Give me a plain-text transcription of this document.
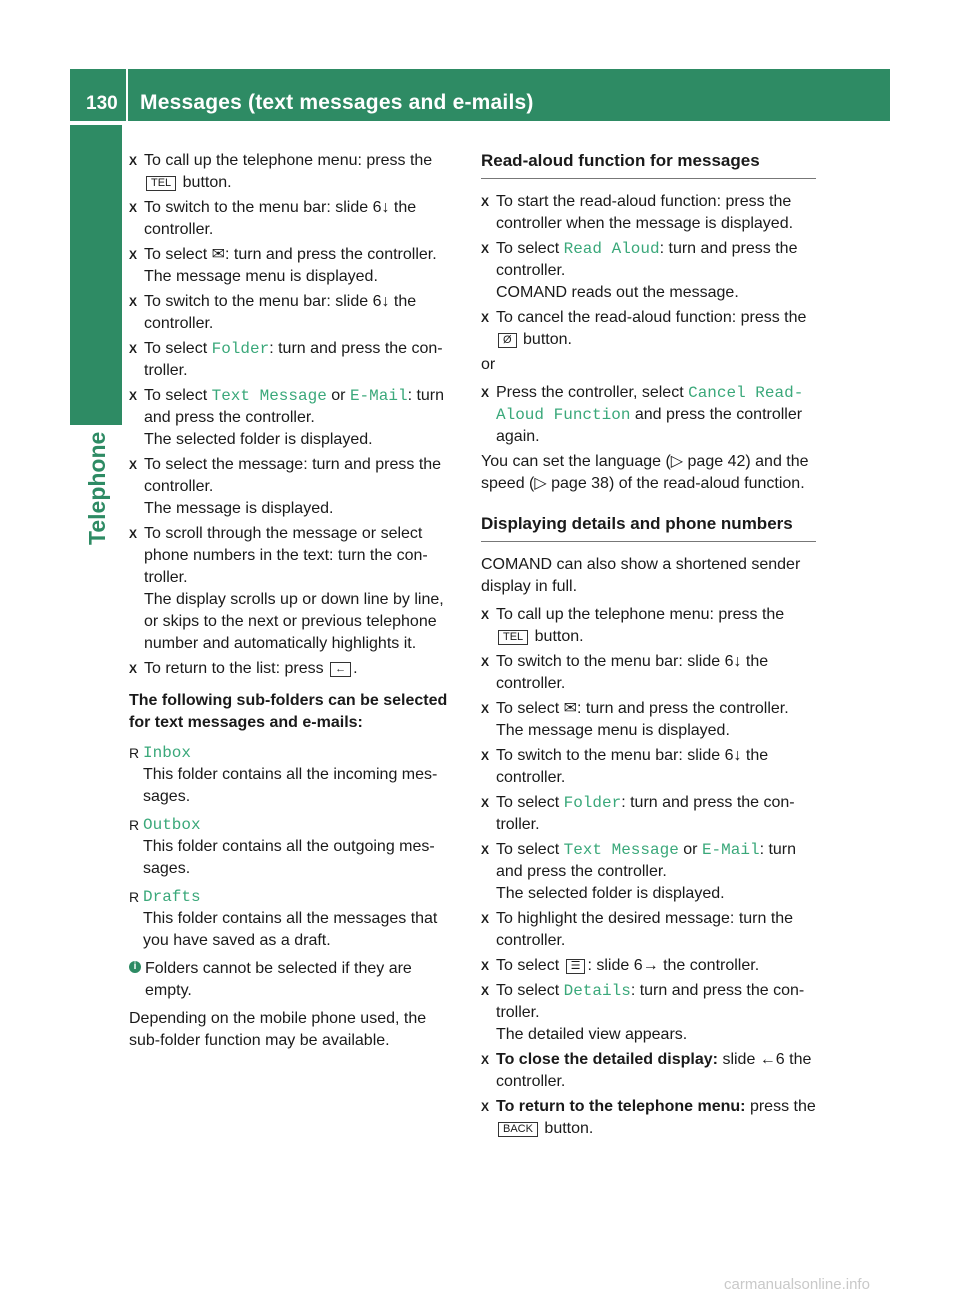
130 Messages (text messages and e-mails)
Telephone
X To call up the telephone menu: press the TEL button.
X To switch to the menu bar: slide 6↓ the controller.
X To select ✉: turn and press the controller.
The message menu is displayed.
X To switch to the menu bar: slide 6↓ the controller.
X To select Folder: turn and press the con-troller.
X To select Text Message or E-Mail: turn and press the controller.
The selected folder is displayed.
X To select the message: turn and press the controller.
The message is displayed.
X To scroll through the message or select phone numbers in the text: turn the con-troller.
The display scrolls up or down line by line, or skips to the next or previous telephone number and automatically highlights it.
X To return to the list: press ← .
The following sub-folders can be selected for text messages and e-mails:
R Inbox
This folder contains all the incoming mes-sages.
R Outbox
This folder contains all the outgoing mes-sages.
R Drafts
This folder contains all the messages that you have saved as a draft.
i Folders cannot be selected if they are empty.
Depending on the mobile phone used, the sub-folder function may be available.
Read-aloud function for messages
X To start the read-aloud function: press the controller when the message is displayed.
X To select Read Aloud: turn and press the controller.
COMAND reads out the message.
X To cancel the read-aloud function: press the Ø button.
or
X Press the controller, select Cancel Read-Aloud Function and press the controller again.
You can set the language (▷ page 42) and the speed (▷ page 38) of the read-aloud function.
Displaying details and phone numbers
COMAND can also show a shortened sender display in full.
X To call up the telephone menu: press the TEL button.
X To switch to the menu bar: slide 6↓ the controller.
X To select ✉: turn and press the controller.
The message menu is displayed.
X To switch to the menu bar: slide 6↓ the controller.
X To select Folder: turn and press the con-troller.
X To select Text Message or E-Mail: turn and press the controller.
The selected folder is displayed.
X To highlight the desired message: turn the controller.
X To select ☰ : slide 6→ the controller.
X To select Details: turn and press the con-troller.
The detailed view appears.
X To close the detailed display: slide ←6 the controller.
X To return to the telephone menu: press the BACK button.
carmanualsonline.info
